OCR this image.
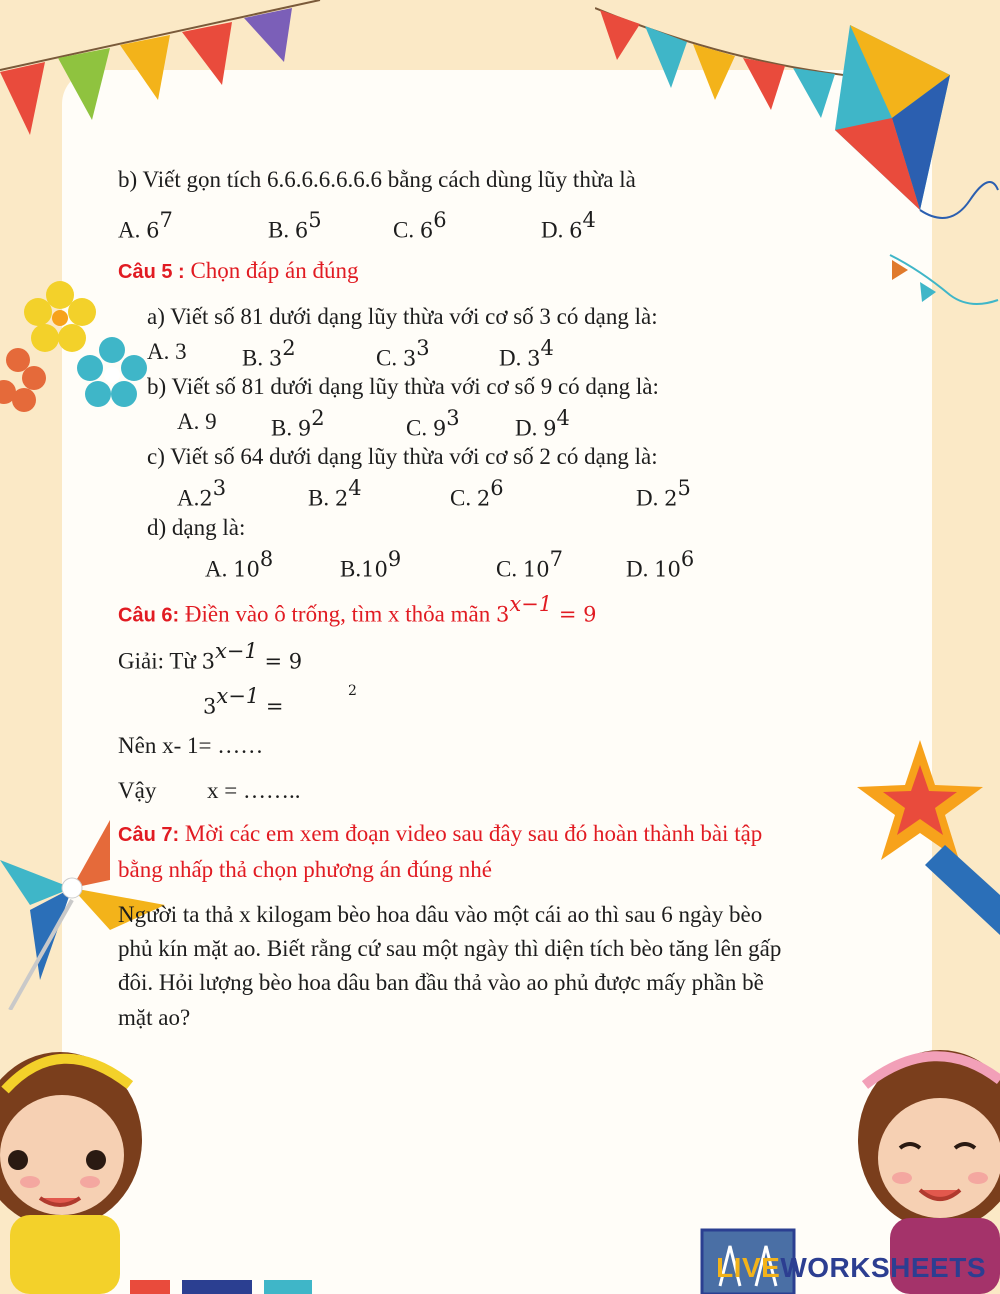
b) Viết gọn tích 6.6.6.6.6.6.6 bằng cách dùng lũy thừa là
A. $6^7$	B. $6^5$	C. $6^6$	D. $6^4$
Câu 5 : Chọn đáp án đúng
a) Viết số 81 dưới dạng lũy thừa với cơ số 3 có dạng là:
A. 3 B. $3^2$	C. $3^3$	D. $3^4$
b) Viết số 81 dưới dạng lũy thừa với cơ số 9 có dạng là:
A. 9 B. $9^2$	C. $9^3$ D. $9^4$
c) Viết số 64 dưới dạng lũy thừa với cơ số 2 có dạng là:
$A.2^3$	B. $2^4$	C. $2^6$	D. $2^5$
d) dạng là:
A. $10^8$	$B.10^9$	C. $10^7$	D. $10^6$
Câu 6: Điền vào ô trống, tìm x thỏa mãn $3^{x-1} = 9$
Giải: Từ $3^{x-1} = 9$
$3^{x-1}$ =
2
Nên x- 1= ……
Vậy x = ……..
Câu 7: Mời các em xem đoạn video sau đây sau đó hoàn thành bài tập
bằng nhấp thả chọn phương án đúng nhé
Người ta thả x kilogam bèo hoa dâu vào một cái ao thì sau 6 ngày bèo
phủ kín mặt ao. Biết rằng cứ sau một ngày thì diện tích bèo tăng lên gấp
đôi. Hỏi lượng bèo hoa dâu ban đầu thả vào ao phủ được mấy phần bề
mặt ao?
LIVEWORKSHEETS
